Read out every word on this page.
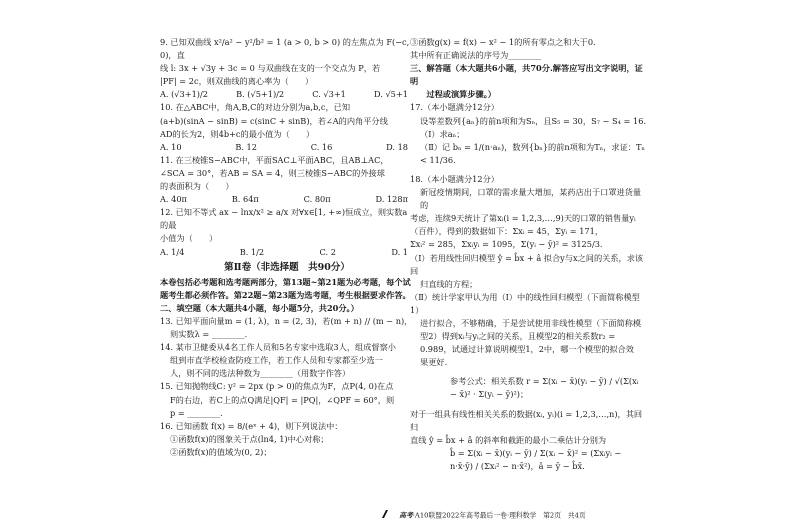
9. 已知双曲线 x²/a² − y²/b² = 1 (a > 0, b > 0) 的左焦点为 F(−c, 0)，直

线 l: 3x + √3y + 3c = 0 与双曲线在支的一个交点为 P，若

|PF| = 2c，则双曲线的离心率为（　　）

A. (√3+1)/2	B. (√5+1)/2	C. √3+1	D. √5+1

10. 在△ABC中，角A,B,C的对边分别为a,b,c，已知

(a+b)(sinA − sinB) = c(sinC + sinB)，若∠A的内角平分线

AD的长为2，则4b+c的最小值为（　　）

A. 10	B. 12	C. 16	D. 18

11. 在三棱锥S−ABC中，平面SAC⊥平面ABC，且AB⊥AC，

∠SCA = 30°，若AB = SA = 4，则三棱锥S−ABC的外接球

的表面积为（　　）

A. 40π	B. 64π	C. 80π	D. 128π

12. 已知不等式 ax − lnx/x² ≥ a/x 对∀x∈[1, +∞)恒成立，则实数a的最

小值为（　　）

A. 1/4	B. 1/2	C. 2	D. 1

第Ⅱ卷（非选择题　共90分）

本卷包括必考题和选考题两部分，第13题~第21题为必考题，每个试

题考生都必须作答。第22题~第23题为选考题，考生根据要求作答。

二、填空题（本大题共4小题，每小题5分，共20分。）

13. 已知平面向量m = (1, λ)，n = (2, 3)，若(m + n) // (m − n)，

则实数λ = ________.

14. 某市卫健委从4名工作人员和5名专家中选取3人，组成督察小

组到市直学校检查防疫工作，若工作人员和专家都至少选一

人，则不同的选法种数为________（用数字作答）

15. 已知抛物线C: y² = 2px (p > 0)的焦点为F，点P(4, 0)在点

F的右边，若C上的点Q满足|QF| = |PQ|，∠QPF = 60°，则

p = ________.

16. 已知函数 f(x) = 8/(eˣ + 4)，则下列说法中：

①函数f(x)的图象关于点(ln4, 1)中心对称；

②函数f(x)的值域为(0, 2)；

③函数g(x) = f(x) − x² − 1的所有零点之和大于0.

其中所有正确说法的序号为________

三、解答题（本大题共6小题，共70分.解答应写出文字说明，证明

　　过程或演算步骤。）

17.（本小题满分12分）

设等差数列{aₙ}的前n项和为Sₙ，且S₅ = 30，S₇ − S₄ = 16.

（Ⅰ）求aₙ；

（Ⅱ）记 bₙ = 1/(n·aₙ)，数列{bₙ}的前n项和为Tₙ，求证：Tₙ < 11/36.

18.（本小题满分12分）

新冠疫情期间，口罩的需求量大增加，某药店出于口罩进货量的

考虑，连续9天统计了第xᵢ(i = 1,2,3,…,9)天的口罩的销售量yᵢ

（百件），得到的数据如下：Σxᵢ = 45，Σyᵢ = 171，

Σxᵢ² = 285，Σxᵢyᵢ = 1095，Σ(yᵢ − ȳ)² = 3125/3.

（Ⅰ）若用线性回归模型 ŷ = b̂x + â 拟合y与x之间的关系，求该回

归直线的方程；

（Ⅱ）统计学家甲认为用（Ⅰ）中的线性回归模型（下面简称模型1）

进行拟合，不够精确，于是尝试使用非线性模型（下面简称模

型2）得到xᵢ与yᵢ之间的关系，且模型2的相关系数r₂ =

0.989，试通过计算说明模型1，2中，哪一个模型的拟合效

果更好.

参考公式：相关系数 r = Σ(xᵢ − x̄)(yᵢ − ȳ) / √(Σ(xᵢ − x̄)² · Σ(yᵢ − ȳ)²)；

对于一组具有线性相关关系的数据(xᵢ, yᵢ)(i = 1,2,3,…,n)，其回归

直线 ŷ = b̂x + â 的斜率和截距的最小二乘估计分别为

b̂ = Σ(xᵢ − x̄)(yᵢ − ȳ) / Σ(xᵢ − x̄)² = (Σxᵢyᵢ − n·x̄·ȳ) / (Σxᵢ² − n·x̄²)，â = ȳ − b̂x̄.

高考·A10联盟2022年高考最后一卷·理科数学　第2页　共4页
